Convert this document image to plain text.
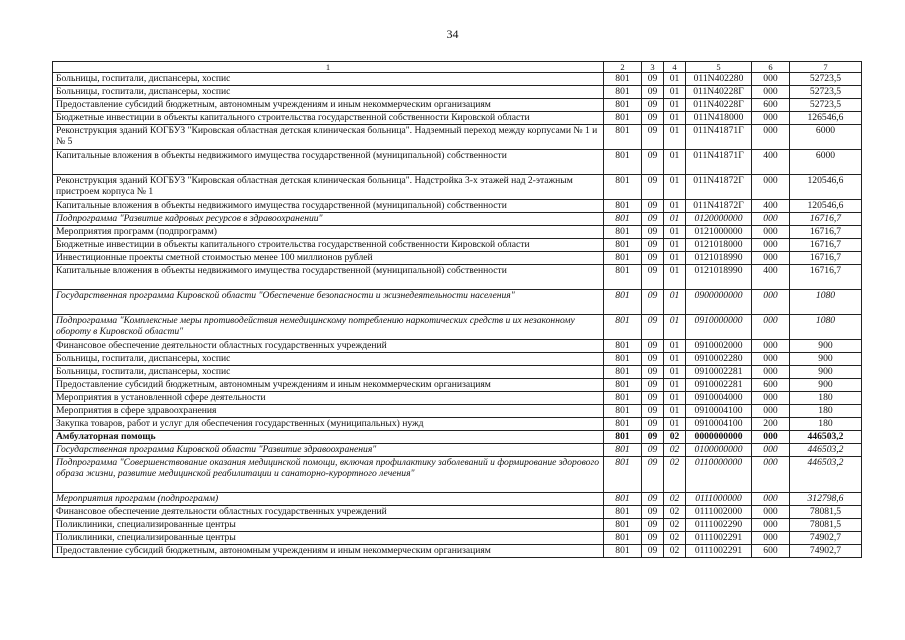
34
1	2	3	4	5	6	7
Больницы, госпитали, диспансеры, хоспис	801	09	01	011N402280	000	52723,5
Больницы, госпитали, диспансеры, хоспис	801	09	01	011N40228Г	000	52723,5
Предоставление субсидий бюджетным, автономным учреждениям и иным некоммерческим организациям	801	09	01	011N40228Г	600	52723,5
Бюджетные инвестиции в объекты капитального строительства государственной собственности Кировской области	801	09	01	011N418000	000	126546,6
Реконструкция зданий КОГБУЗ "Кировская областная детская клиническая больница". Надземный переход между корпусами № 1 и № 5	801	09	01	011N41871Г	000	6000
Капитальные вложения в объекты недвижимого имущества государственной (муниципальной) собственности	801	09	01	011N41871Г	400	6000
Реконструкция зданий КОГБУЗ "Кировская областная детская клиническая больница". Надстройка 3-х этажей над 2-этажным пристроем корпуса № 1	801	09	01	011N41872Г	000	120546,6
Капитальные вложения в объекты недвижимого имущества государственной (муниципальной) собственности	801	09	01	011N41872Г	400	120546,6
Подпрограмма "Развитие кадровых ресурсов в здравоохранении"	801	09	01	0120000000	000	16716,7
Мероприятия программ (подпрограмм)	801	09	01	0121000000	000	16716,7
Бюджетные инвестиции в объекты капитального строительства государственной собственности Кировской области	801	09	01	0121018000	000	16716,7
Инвестиционные проекты сметной стоимостью менее 100 миллионов рублей	801	09	01	0121018990	000	16716,7
Капитальные вложения в объекты недвижимого имущества государственной (муниципальной) собственности	801	09	01	0121018990	400	16716,7
Государственная программа Кировской области "Обеспечение безопасности и жизнедеятельности населения"	801	09	01	0900000000	000	1080
Подпрограмма "Комплексные меры противодействия немедицинскому потреблению наркотических средств и их незаконному обороту в Кировской области"	801	09	01	0910000000	000	1080
Финансовое обеспечение деятельности областных государственных учреждений	801	09	01	0910002000	000	900
Больницы, госпитали, диспансеры, хоспис	801	09	01	0910002280	000	900
Больницы, госпитали, диспансеры, хоспис	801	09	01	0910002281	000	900
Предоставление субсидий бюджетным, автономным учреждениям и иным некоммерческим организациям	801	09	01	0910002281	600	900
Мероприятия в установленной сфере деятельности	801	09	01	0910004000	000	180
Мероприятия в сфере здравоохранения	801	09	01	0910004100	000	180
Закупка товаров, работ и услуг для обеспечения государственных (муниципальных) нужд	801	09	01	0910004100	200	180
Амбулаторная помощь	801	09	02	0000000000	000	446503,2
Государственная программа Кировской области "Развитие здравоохранения"	801	09	02	0100000000	000	446503,2
Подпрограмма "Совершенствование оказания медицинской помощи, включая профилактику заболеваний и формирование здорового образа жизни, развитие медицинской реабилитации и санаторно-курортного лечения"	801	09	02	0110000000	000	446503,2
Мероприятия программ (подпрограмм)	801	09	02	0111000000	000	312798,6
Финансовое обеспечение деятельности областных государственных учреждений	801	09	02	0111002000	000	78081,5
Поликлиники, специализированные центры	801	09	02	0111002290	000	78081,5
Поликлиники, специализированные центры	801	09	02	0111002291	000	74902,7
Предоставление субсидий бюджетным, автономным учреждениям и иным некоммерческим организациям	801	09	02	0111002291	600	74902,7
